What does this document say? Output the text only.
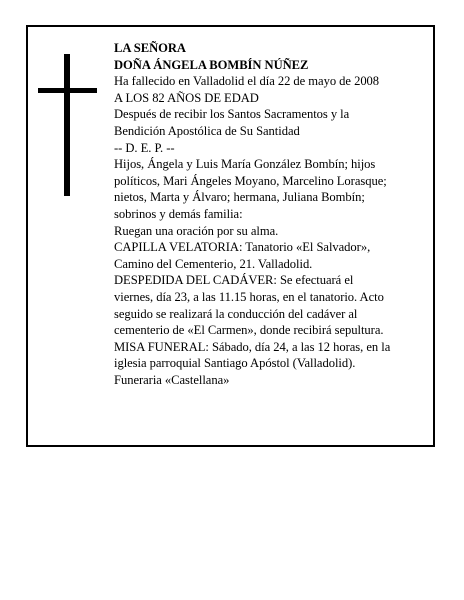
LA SEÑORA

DOÑA ÁNGELA BOMBÍN NÚÑEZ

Ha fallecido en Valladolid el día 22 de mayo de 2008

A LOS 82 AÑOS DE EDAD

Después de recibir los Santos Sacramentos y la

Bendición Apostólica de Su Santidad

-- D. E. P. --

Hijos, Ángela y Luis María González Bombín; hijos

políticos, Mari Ángeles Moyano, Marcelino Lorasque;

nietos, Marta y Álvaro; hermana, Juliana Bombín;

sobrinos y demás familia:

Ruegan una oración por su alma.

CAPILLA VELATORIA: Tanatorio «El Salvador»,

Camino del Cementerio, 21. Valladolid.

DESPEDIDA DEL CADÁVER: Se efectuará el

viernes, día 23, a las 11.15 horas, en el tanatorio. Acto

seguido se realizará la conducción del cadáver al

cementerio de «El Carmen», donde recibirá sepultura.

MISA FUNERAL: Sábado, día 24, a las 12 horas, en la

iglesia parroquial Santiago Apóstol (Valladolid).

Funeraria «Castellana»
